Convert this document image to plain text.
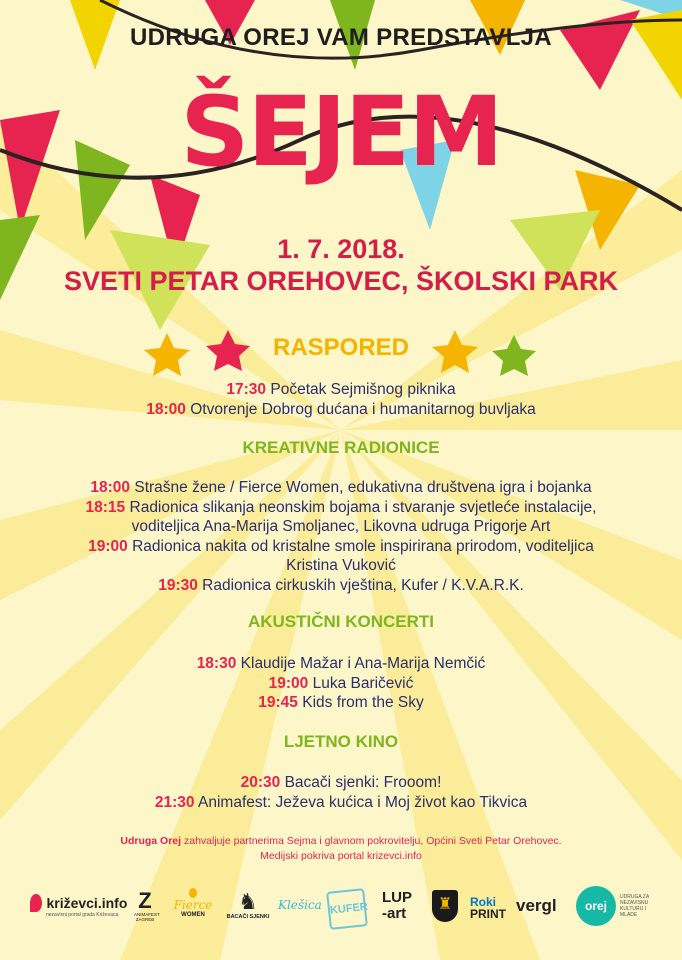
UDRUGA OREJ VAM PREDSTAVLJA
ŠEJEM
1. 7. 2018.
SVETI PETAR OREHOVEC, ŠKOLSKI PARK
RASPORED
17:30 Početak Sejmišnog piknika
18:00 Otvorenje Dobrog dućana i humanitarnog buvljaka
KREATIVNE RADIONICE
18:00 Strašne žene / Fierce Women, edukativna društvena igra i bojanka
18:15 Radionica slikanja neonskim bojama i stvaranje svjetleće instalacije,
voditeljica Ana-Marija Smoljanec, Likovna udruga Prigorje Art
19:00 Radionica nakita od kristalne smole inspirirana prirodom, voditeljica
Kristina Vuković
19:30 Radionica cirkuskih vještina, Kufer / K.V.A.R.K.
AKUSTIČNI KONCERTI
18:30 Klaudije Mažar i Ana-Marija Nemčić
19:00 Luka Baričević
19:45 Kids from the Sky
LJETNO KINO
20:30 Bacači sjenki: Frooom!
21:30 Animafest: Ježeva kućica i Moj život kao Tikvica
Udruga Orej zahvaljuje partnerima Sejma i glavnom pokrovitelju, Općini Sveti Petar Orehovec.
Medijski pokriva portal krizevci.info
križevci.info
nezavisni portal grada Križevaca
Z
ANIMAFEST ZAGREB
Fierce
WOMEN
♞
BACAČI SJENKI
Klešica KUFER
LUP
-art
♜	Roki
PRINT vergl	orej
UDRUGA ZA NEZAVISNU KULTURU I MLADE
